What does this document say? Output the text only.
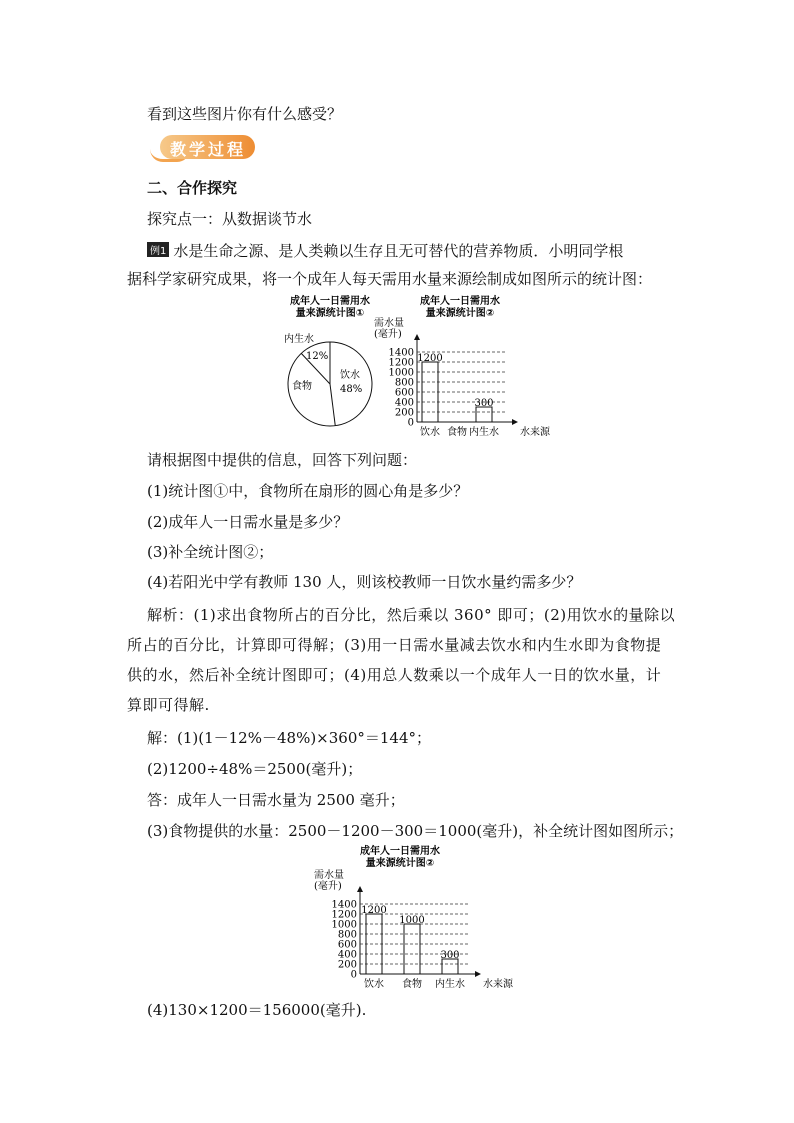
看到这些图片你有什么感受？
教学过程
二、合作探究
探究点一：从数据谈节水
例1 水是生命之源、是人类赖以生存且无可替代的营养物质．小明同学根
据科学家研究成果，将一个成年人每天需用水量来源绘制成如图所示的统计图：
成年人一日需用水
量来源统计图①
内生水
12%
饮水
48%
食物
成年人一日需用水
量来源统计图②
需水量
(毫升)
0
200
400
600
800
1000
1200
1400
饮水
1200
食物 内生水
300
水来源
请根据图中提供的信息，回答下列问题：
(1)统计图①中，食物所在扇形的圆心角是多少？
(2)成年人一日需水量是多少？
(3)补全统计图②；
(4)若阳光中学有教师 130 人，则该校教师一日饮水量约需多少？
解析：(1)求出食物所占的百分比，然后乘以 360° 即可；(2)用饮水的量除以
所占的百分比，计算即可得解；(3)用一日需水量减去饮水和内生水即为食物提
供的水，然后补全统计图即可；(4)用总人数乘以一个成年人一日的饮水量，计
算即可得解.
解：(1)(1－12%－48%)×360°＝144°；
(2)1200÷48%＝2500(毫升)；
答：成年人一日需水量为 2500 毫升；
(3)食物提供的水量：2500－1200－300＝1000(毫升)，补全统计图如图所示；
成年人一日需用水
量来源统计图②
需水量
(毫升)
0
200
400
600
800
1000
1200
1400
饮水
1200
食物
1000
内生水
300
水来源
(4)130×1200＝156000(毫升).
